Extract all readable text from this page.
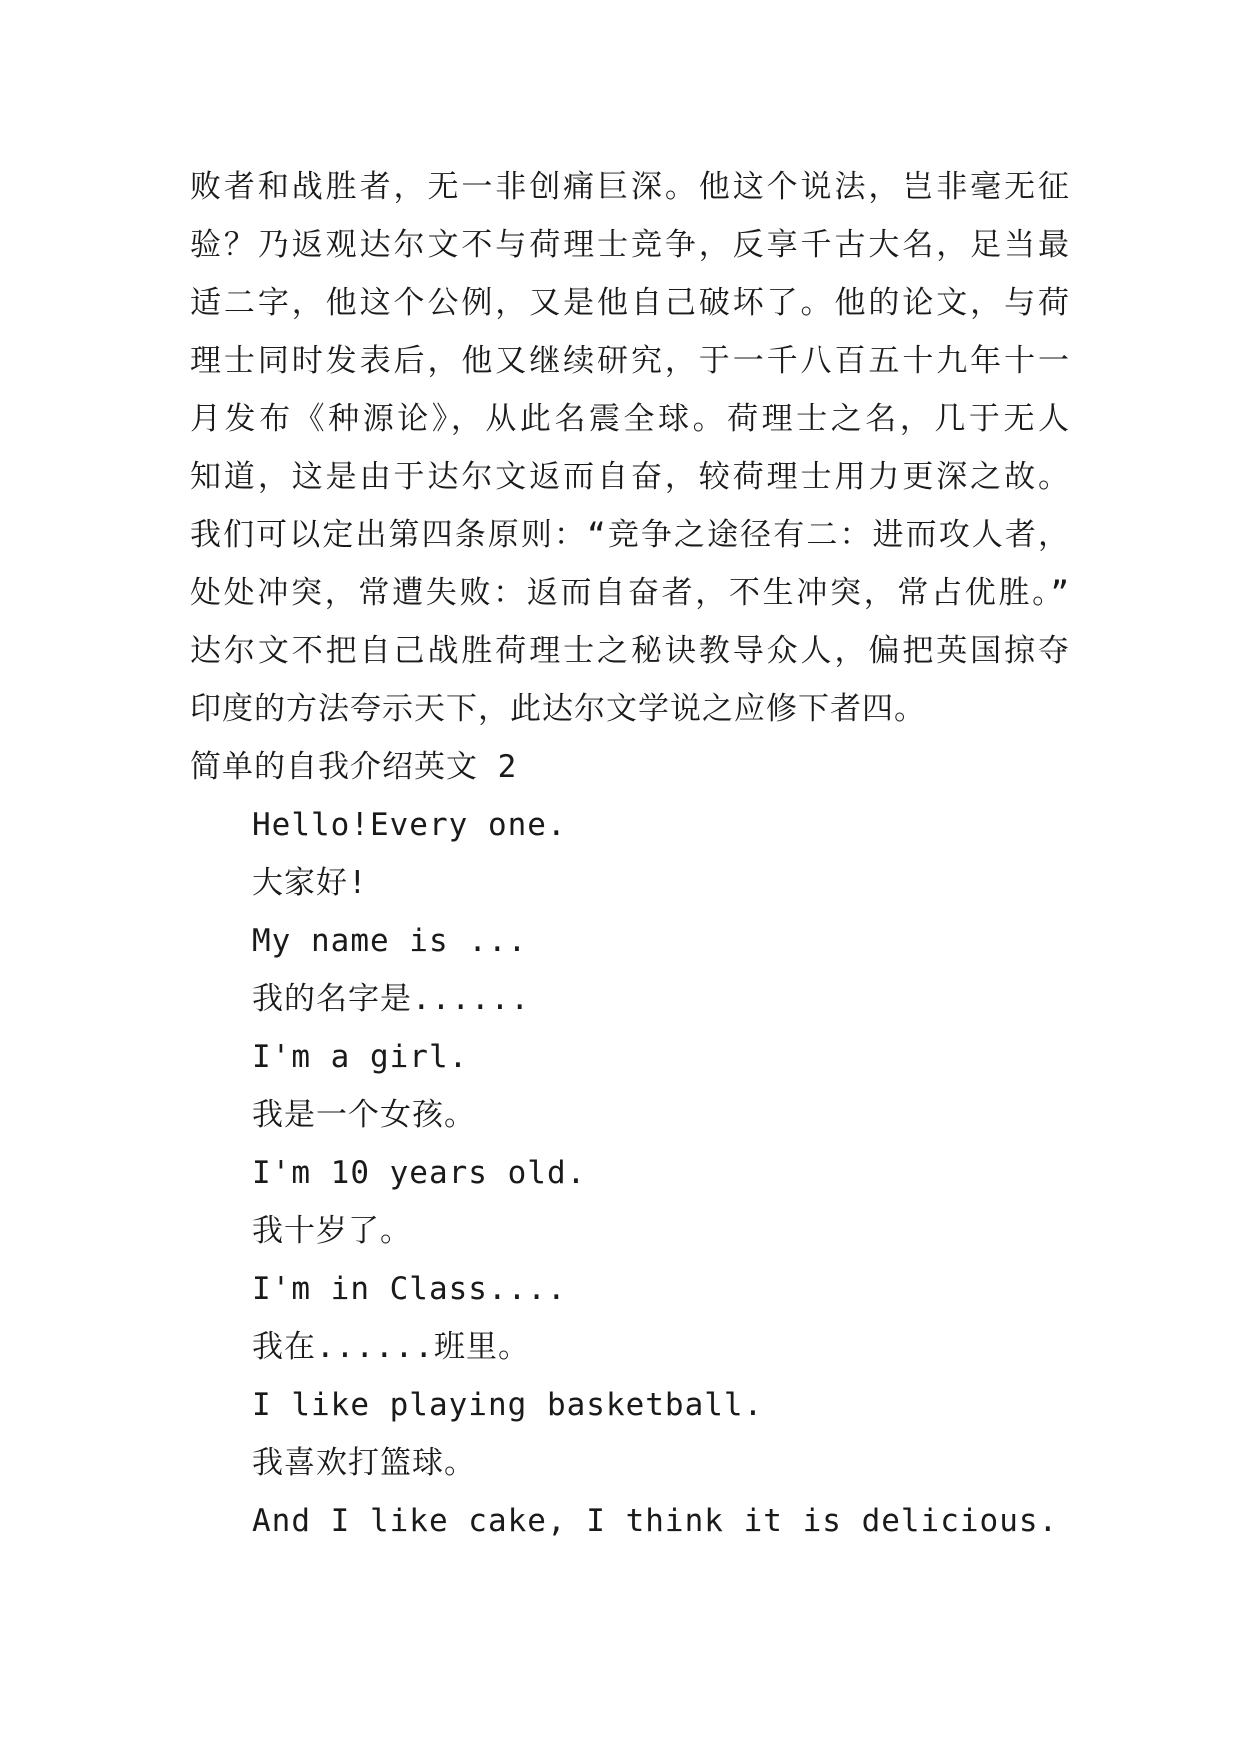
败者和战胜者，无一非创痛巨深。他这个说法，岂非毫无征
验？乃返观达尔文不与荷理士竞争，反享千古大名，足当最
适二字，他这个公例，又是他自己破坏了。他的论文，与荷
理士同时发表后，他又继续研究，于一千八百五十九年十一
月发布《种源论》，从此名震全球。荷理士之名，几于无人
知道，这是由于达尔文返而自奋，较荷理士用力更深之故。
我们可以定出第四条原则：“竞争之途径有二：进而攻人者，
处处冲突，常遭失败：返而自奋者，不生冲突，常占优胜。”
达尔文不把自己战胜荷理士之秘诀教导众人，偏把英国掠夺
印度的方法夸示天下，此达尔文学说之应修下者四。
简单的自我介绍英文 2
Hello!Every one.
大家好!
My name is ...
我的名字是......
I'm a girl.
我是一个女孩。
I'm 10 years old.
我十岁了。
I'm in Class....
我在......班里。
I like playing basketball.
我喜欢打篮球。
And I like cake, I think it is delicious.
